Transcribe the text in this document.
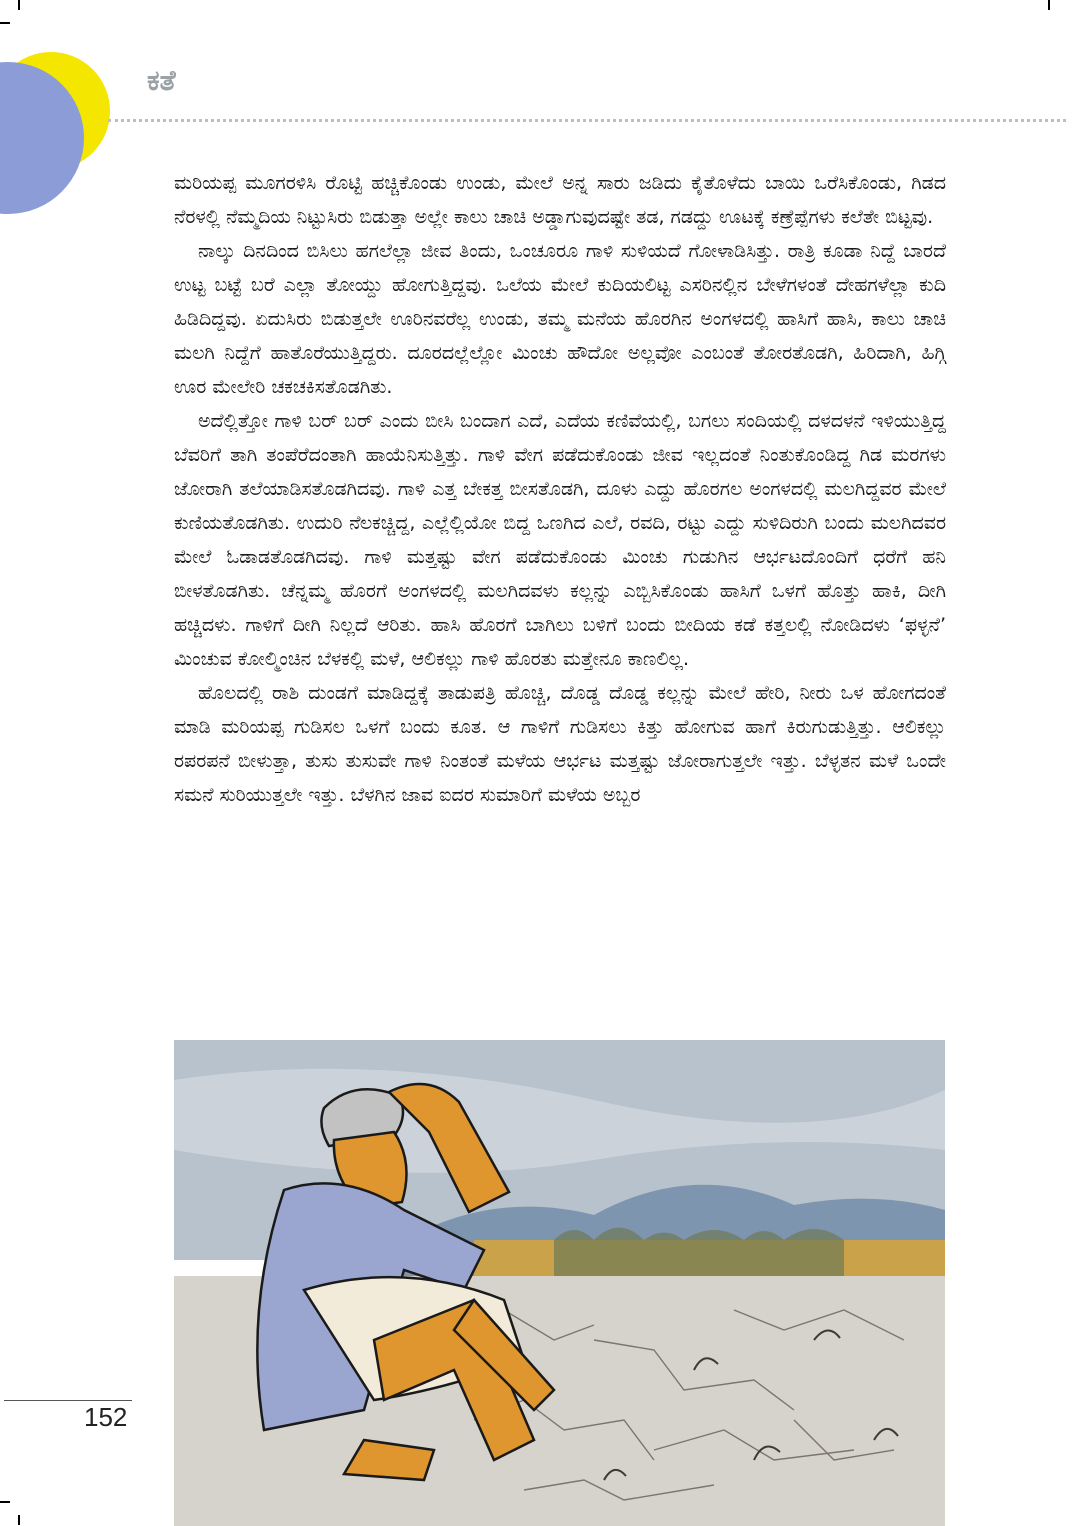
ಕತೆ

ಮರಿಯಪ್ಪ ಮೂಗರಳಿಸಿ ರೊಟ್ಟಿ ಹಚ್ಚಿಕೊಂಡು ಉಂಡು, ಮೇಲೆ ಅನ್ನ ಸಾರು ಜಡಿದು ಕೈತೊಳೆದು ಬಾಯಿ ಒರೆಸಿಕೊಂಡು, ಗಿಡದ ನೆರಳಲ್ಲಿ ನೆಮ್ಮದಿಯ ನಿಟ್ಟುಸಿರು ಬಿಡುತ್ತಾ ಅಲ್ಲೇ ಕಾಲು ಚಾಚಿ ಅಡ್ಡಾಗುವುದಷ್ಟೇ ತಡ, ಗಡದ್ದು ಊಟಕ್ಕೆ ಕಣ್ರೆಪ್ಪೆಗಳು ಕಲೆತೇ ಬಿಟ್ಟವು.

ನಾಲ್ಕು ದಿನದಿಂದ ಬಿಸಿಲು ಹಗಲೆಲ್ಲಾ ಜೀವ ತಿಂದು, ಒಂಚೂರೂ ಗಾಳಿ ಸುಳಿಯದೆ ಗೋಳಾಡಿಸಿತ್ತು. ರಾತ್ರಿ ಕೂಡಾ ನಿದ್ದೆ ಬಾರದೆ ಉಟ್ಟ ಬಟ್ಟೆ ಬರೆ ಎಲ್ಲಾ ತೋಯ್ದು ಹೋಗುತ್ತಿದ್ದವು. ಒಲೆಯ ಮೇಲೆ ಕುದಿಯಲಿಟ್ಟ ಎಸರಿನಲ್ಲಿನ ಬೇಳೆಗಳಂತೆ ದೇಹಗಳೆಲ್ಲಾ ಕುದಿ ಹಿಡಿದಿದ್ದವು. ಏದುಸಿರು ಬಿಡುತ್ತಲೇ ಊರಿನವರೆಲ್ಲ ಉಂಡು, ತಮ್ಮ ಮನೆಯ ಹೊರಗಿನ ಅಂಗಳದಲ್ಲಿ ಹಾಸಿಗೆ ಹಾಸಿ, ಕಾಲು ಚಾಚಿ ಮಲಗಿ ನಿದ್ದೆಗೆ ಹಾತೊರೆಯುತ್ತಿದ್ದರು. ದೂರದಲ್ಲೆಲ್ಲೋ ಮಿಂಚು ಹೌದೋ ಅಲ್ಲವೋ ಎಂಬಂತೆ ತೋರತೊಡಗಿ, ಹಿರಿದಾಗಿ, ಹಿಗ್ಗಿ ಊರ ಮೇಲೇರಿ ಚಕಚಕಿಸತೊಡಗಿತು.

ಅದೆಲ್ಲಿತ್ತೋ ಗಾಳಿ ಬರ್ ಬರ್ ಎಂದು ಬೀಸಿ ಬಂದಾಗ ಎದೆ, ಎದೆಯ ಕಣಿವೆಯಲ್ಲಿ, ಬಗಲು ಸಂದಿಯಲ್ಲಿ ದಳದಳನೆ ಇಳಿಯುತ್ತಿದ್ದ ಬೆವರಿಗೆ ತಾಗಿ ತಂಪೆರೆದಂತಾಗಿ ಹಾಯೆನಿಸುತ್ತಿತ್ತು. ಗಾಳಿ ವೇಗ ಪಡೆದುಕೊಂಡು ಜೀವ ಇಲ್ಲದಂತೆ ನಿಂತುಕೊಂಡಿದ್ದ ಗಿಡ ಮರಗಳು ಜೋರಾಗಿ ತಲೆಯಾಡಿಸತೊಡಗಿದವು. ಗಾಳಿ ಎತ್ತ ಬೇಕತ್ತ ಬೀಸತೊಡಗಿ, ದೂಳು ಎದ್ದು ಹೊರಗಲ ಅಂಗಳದಲ್ಲಿ ಮಲಗಿದ್ದವರ ಮೇಲೆ ಕುಣಿಯತೊಡಗಿತು. ಉದುರಿ ನೆಲಕಚ್ಚಿದ್ದ, ಎಲ್ಲೆಲ್ಲಿಯೋ ಬಿದ್ದ ಒಣಗಿದ ಎಲೆ, ರವದಿ, ರಟ್ಟು ಎದ್ದು ಸುಳಿದಿರುಗಿ ಬಂದು ಮಲಗಿದವರ ಮೇಲೆ ಓಡಾಡತೊಡಗಿದವು. ಗಾಳಿ ಮತ್ತಷ್ಟು ವೇಗ ಪಡೆದುಕೊಂಡು ಮಿಂಚು ಗುಡುಗಿನ ಆರ್ಭಟದೊಂದಿಗೆ ಧರೆಗೆ ಹನಿ ಬೀಳತೊಡಗಿತು. ಚೆನ್ನಮ್ಮ ಹೊರಗೆ ಅಂಗಳದಲ್ಲಿ ಮಲಗಿದವಳು ಕಲ್ಲನ್ನು ಎಬ್ಬಿಸಿಕೊಂಡು ಹಾಸಿಗೆ ಒಳಗೆ ಹೊತ್ತು ಹಾಕಿ, ದೀಗಿ ಹಚ್ಚಿದಳು. ಗಾಳಿಗೆ ದೀಗಿ ನಿಲ್ಲದೆ ಆರಿತು. ಹಾಸಿ ಹೊರಗೆ ಬಾಗಿಲು ಬಳಿಗೆ ಬಂದು ಬೀದಿಯ ಕಡೆ ಕತ್ತಲಲ್ಲಿ ನೋಡಿದಳು ‘ಫಳ್ಳನೆ’ ಮಿಂಚುವ ಕೋಲ್ಮಿಂಚಿನ ಬೆಳಕಲ್ಲಿ ಮಳೆ, ಆಲಿಕಲ್ಲು ಗಾಳಿ ಹೊರತು ಮತ್ತೇನೂ ಕಾಣಲಿಲ್ಲ.

ಹೊಲದಲ್ಲಿ ರಾಶಿ ದುಂಡಗೆ ಮಾಡಿದ್ದಕ್ಕೆ ತಾಡುಪತ್ರಿ ಹೊಚ್ಚಿ, ದೊಡ್ಡ ದೊಡ್ಡ ಕಲ್ಲನ್ನು ಮೇಲೆ ಹೇರಿ, ನೀರು ಒಳ ಹೋಗದಂತೆ ಮಾಡಿ ಮರಿಯಪ್ಪ ಗುಡಿಸಲ ಒಳಗೆ ಬಂದು ಕೂತ. ಆ ಗಾಳಿಗೆ ಗುಡಿಸಲು ಕಿತ್ತು ಹೋಗುವ ಹಾಗೆ ಕಿರುಗುಡುತ್ತಿತ್ತು. ಆಲಿಕಲ್ಲು ರಪರಪನೆ ಬೀಳುತ್ತಾ, ತುಸು ತುಸುವೇ ಗಾಳಿ ನಿಂತಂತೆ ಮಳೆಯ ಆರ್ಭಟ ಮತ್ತಷ್ಟು ಜೋರಾಗುತ್ತಲೇ ಇತ್ತು. ಬೆಳ್ಳತನ ಮಳೆ ಒಂದೇ ಸಮನೆ ಸುರಿಯುತ್ತಲೇ ಇತ್ತು. ಬೆಳಗಿನ ಜಾವ ಐದರ ಸುಮಾರಿಗೆ ಮಳೆಯ ಅಬ್ಬರ

152
